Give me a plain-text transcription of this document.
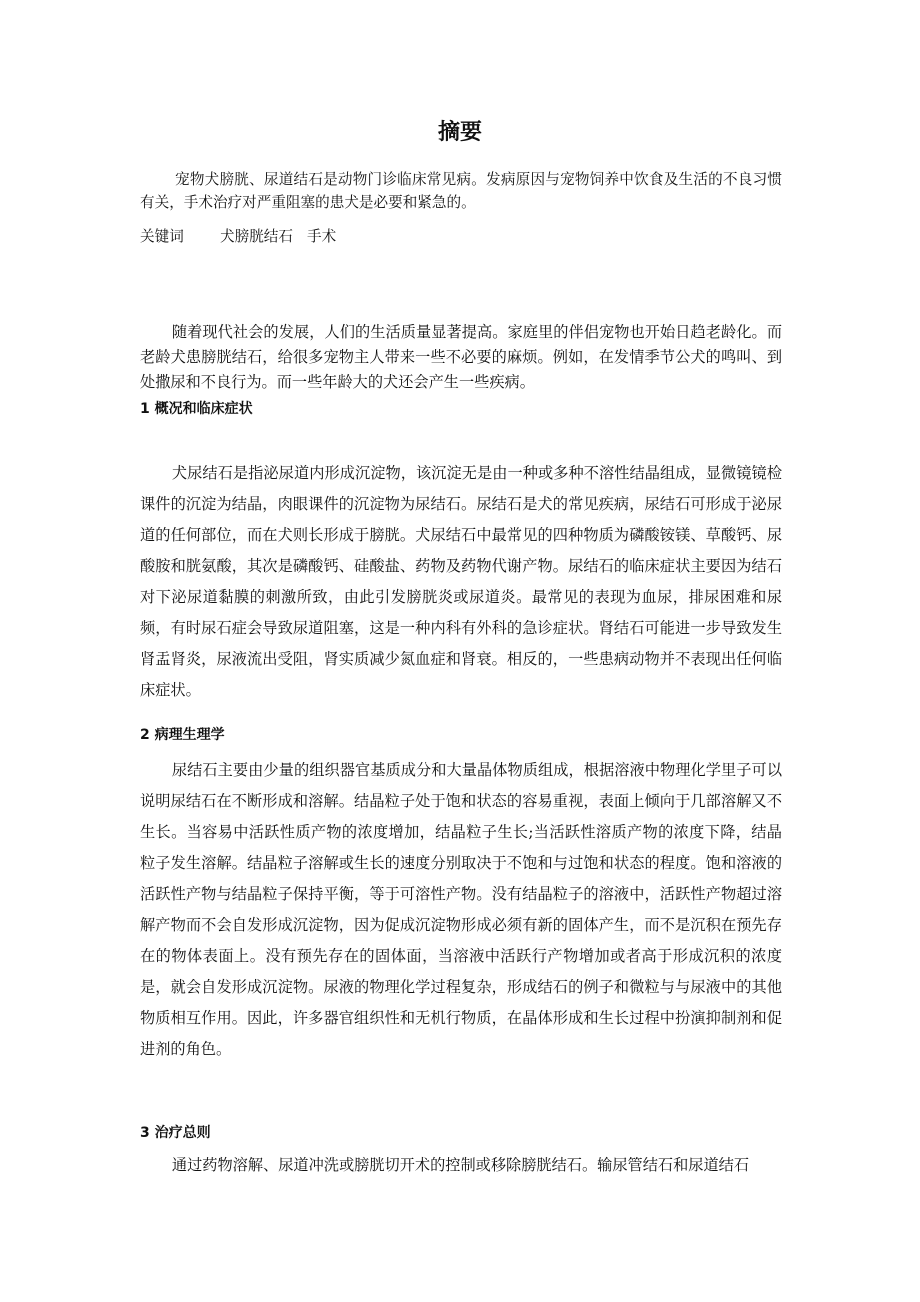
摘要

宠物犬膀胱、尿道结石是动物门诊临床常见病。发病原因与宠物饲养中饮食及生活的不良习惯有关，手术治疗对严重阻塞的患犬是必要和紧急的。

关键词 犬膀胱结石 手术

随着现代社会的发展，人们的生活质量显著提高。家庭里的伴侣宠物也开始日趋老龄化。而老龄犬患膀胱结石，给很多宠物主人带来一些不必要的麻烦。例如，在发情季节公犬的鸣叫、到处撒尿和不良行为。而一些年龄大的犬还会产生一些疾病。

1 概况和临床症状

犬尿结石是指泌尿道内形成沉淀物，该沉淀无是由一种或多种不溶性结晶组成，显微镜镜检课件的沉淀为结晶，肉眼课件的沉淀物为尿结石。尿结石是犬的常见疾病，尿结石可形成于泌尿道的任何部位，而在犬则长形成于膀胱。犬尿结石中最常见的四种物质为磷酸铵镁、草酸钙、尿酸胺和胱氨酸，其次是磷酸钙、硅酸盐、药物及药物代谢产物。尿结石的临床症状主要因为结石对下泌尿道黏膜的刺激所致，由此引发膀胱炎或尿道炎。最常见的表现为血尿，排尿困难和尿频，有时尿石症会导致尿道阻塞，这是一种内科有外科的急诊症状。肾结石可能进一步导致发生肾盂肾炎，尿液流出受阻，肾实质减少氮血症和肾衰。相反的，一些患病动物并不表现出任何临床症状。

2 病理生理学

尿结石主要由少量的组织器官基质成分和大量晶体物质组成，根据溶液中物理化学里子可以说明尿结石在不断形成和溶解。结晶粒子处于饱和状态的容易重视，表面上倾向于几部溶解又不生长。当容易中活跃性质产物的浓度增加，结晶粒子生长;当活跃性溶质产物的浓度下降，结晶粒子发生溶解。结晶粒子溶解或生长的速度分别取决于不饱和与过饱和状态的程度。饱和溶液的活跃性产物与结晶粒子保持平衡，等于可溶性产物。没有结晶粒子的溶液中，活跃性产物超过溶解产物而不会自发形成沉淀物，因为促成沉淀物形成必须有新的固体产生，而不是沉积在预先存在的物体表面上。没有预先存在的固体面，当溶液中活跃行产物增加或者高于形成沉积的浓度是，就会自发形成沉淀物。尿液的物理化学过程复杂，形成结石的例子和微粒与与尿液中的其他物质相互作用。因此，许多器官组织性和无机行物质，在晶体形成和生长过程中扮演抑制剂和促进剂的角色。

3 治疗总则

通过药物溶解、尿道冲洗或膀胱切开术的控制或移除膀胱结石。输尿管结石和尿道结石
